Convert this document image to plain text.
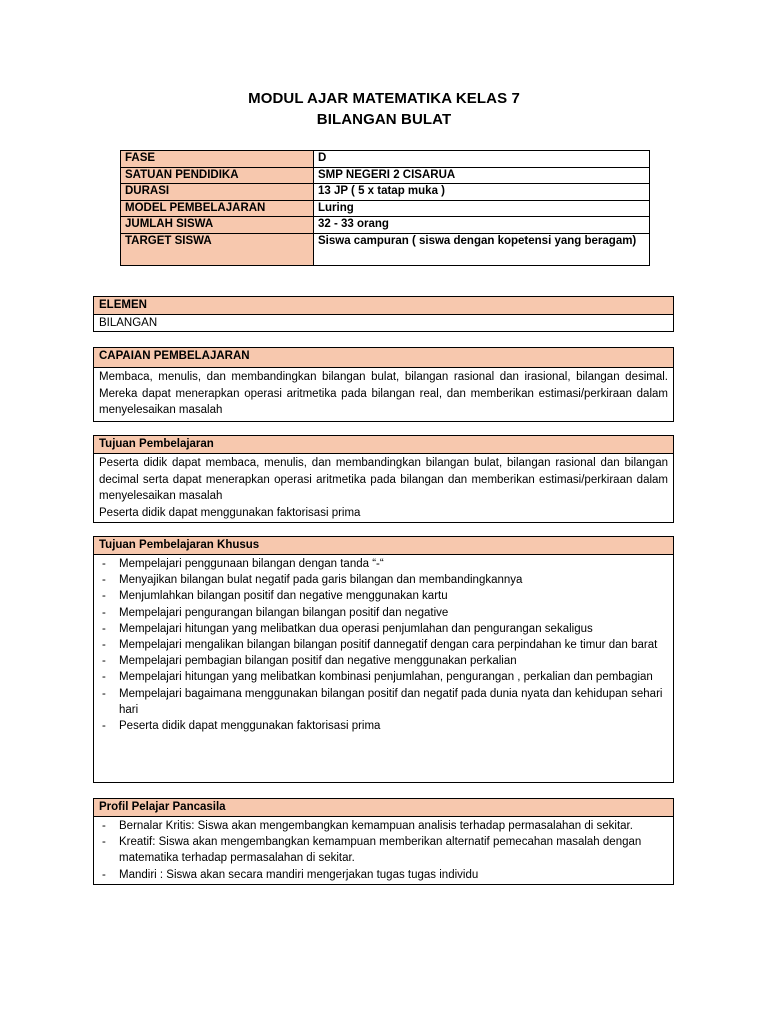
MODUL AJAR MATEMATIKA KELAS 7
BILANGAN BULAT
FASE	D
SATUAN PENDIDIKA	SMP NEGERI 2 CISARUA
DURASI	13 JP ( 5 x tatap muka )
MODEL PEMBELAJARAN	Luring
JUMLAH SISWA	32 - 33 orang
TARGET SISWA	Siswa campuran ( siswa dengan kopetensi yang beragam)
ELEMEN
BILANGAN
CAPAIAN PEMBELAJARAN
Membaca, menulis, dan membandingkan bilangan bulat, bilangan rasional dan irasional, bilangan desimal. Mereka dapat menerapkan operasi aritmetika pada bilangan real, dan memberikan estimasi/perkiraan dalam menyelesaikan masalah
Tujuan Pembelajaran
Peserta didik dapat membaca, menulis, dan membandingkan bilangan bulat, bilangan rasional dan bilangan decimal serta dapat menerapkan operasi aritmetika pada bilangan dan memberikan estimasi/perkiraan dalam menyelesaikan masalah
Peserta didik dapat menggunakan faktorisasi prima
Tujuan Pembelajaran Khusus
- Mempelajari penggunaan bilangan dengan tanda “-“
- Menyajikan bilangan bulat negatif pada garis bilangan dan membandingkannya
- Menjumlahkan bilangan positif dan negative menggunakan kartu
- Mempelajari pengurangan bilangan bilangan positif dan negative
- Mempelajari hitungan yang melibatkan dua operasi penjumlahan dan pengurangan sekaligus
- Mempelajari mengalikan bilangan bilangan positif dannegatif dengan cara perpindahan ke timur dan barat
- Mempelajari pembagian bilangan positif dan negative menggunakan perkalian
- Mempelajari hitungan yang melibatkan kombinasi penjumlahan, pengurangan , perkalian dan pembagian
- Mempelajari bagaimana menggunakan bilangan positif dan negatif pada dunia nyata dan kehidupan sehari hari
- Peserta didik dapat menggunakan faktorisasi prima
Profil Pelajar Pancasila
- Bernalar Kritis: Siswa akan mengembangkan kemampuan analisis terhadap permasalahan di sekitar.
- Kreatif: Siswa akan mengembangkan kemampuan memberikan alternatif pemecahan masalah dengan matematika terhadap permasalahan di sekitar.
- Mandiri : Siswa akan secara mandiri mengerjakan tugas tugas individu
